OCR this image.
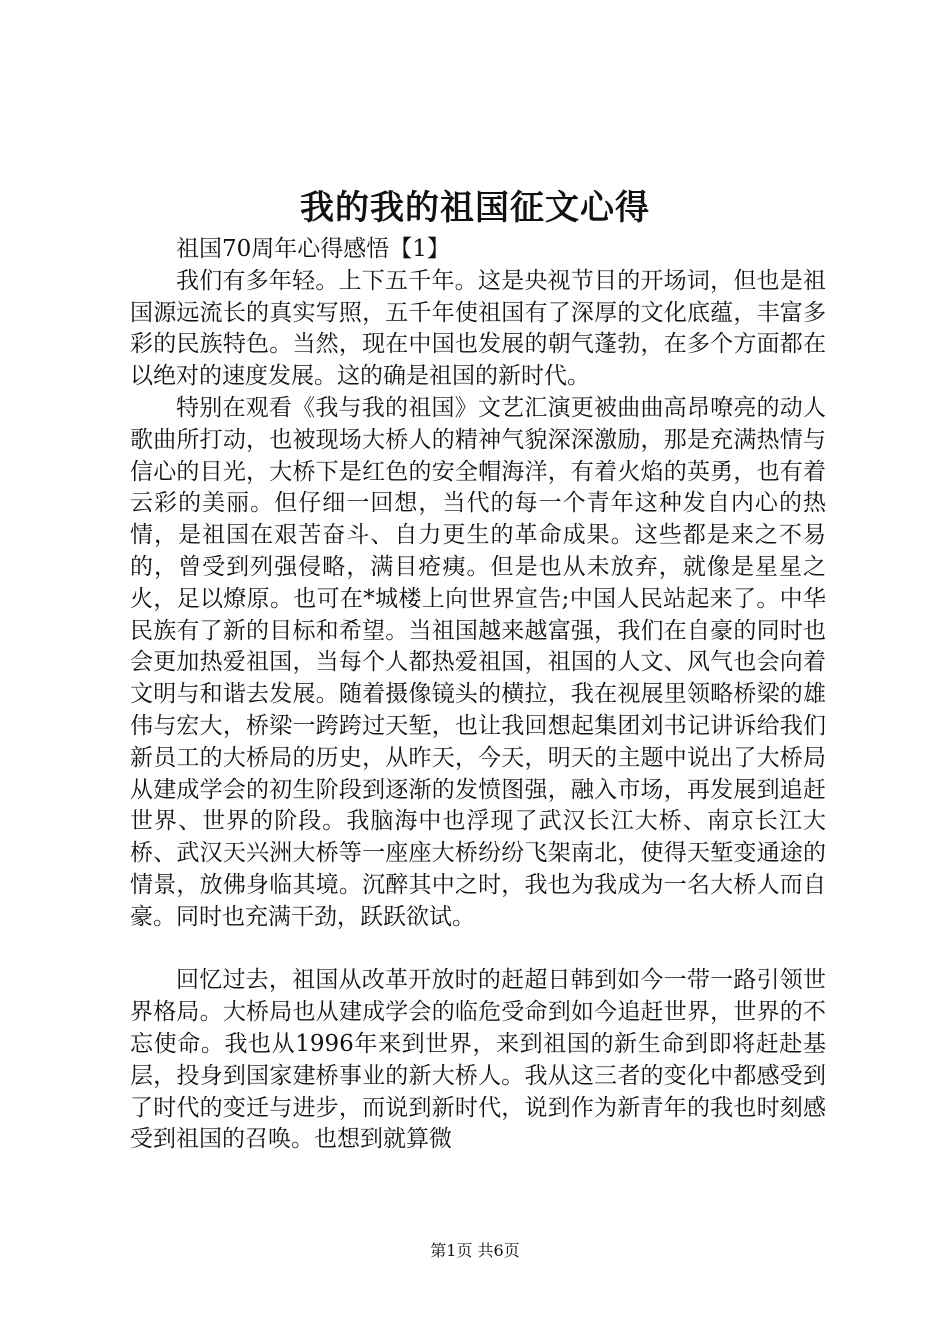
我的我的祖国征文心得

祖国70周年心得感悟【1】

我们有多年轻。上下五千年。这是央视节目的开场词，但也是祖国源远流长的真实写照，五千年使祖国有了深厚的文化底蕴，丰富多彩的民族特色。当然，现在中国也发展的朝气蓬勃，在多个方面都在以绝对的速度发展。这的确是祖国的新时代。

特别在观看《我与我的祖国》文艺汇演更被曲曲高昂嘹亮的动人歌曲所打动，也被现场大桥人的精神气貌深深激励，那是充满热情与信心的目光，大桥下是红色的安全帽海洋，有着火焰的英勇，也有着云彩的美丽。但仔细一回想，当代的每一个青年这种发自内心的热情，是祖国在艰苦奋斗、自力更生的革命成果。这些都是来之不易的，曾受到列强侵略，满目疮痍。但是也从未放弃，就像是星星之火，足以燎原。也可在*城楼上向世界宣告;中国人民站起来了。中华民族有了新的目标和希望。当祖国越来越富强，我们在自豪的同时也会更加热爱祖国，当每个人都热爱祖国，祖国的人文、风气也会向着文明与和谐去发展。随着摄像镜头的横拉，我在视展里领略桥梁的雄伟与宏大，桥梁一跨跨过天堑，也让我回想起集团刘书记讲诉给我们新员工的大桥局的历史，从昨天，今天，明天的主题中说出了大桥局从建成学会的初生阶段到逐渐的发愤图强，融入市场，再发展到追赶世界、世界的阶段。我脑海中也浮现了武汉长江大桥、南京长江大桥、武汉天兴洲大桥等一座座大桥纷纷飞架南北，使得天堑变通途的情景，放佛身临其境。沉醉其中之时，我也为我成为一名大桥人而自豪。同时也充满干劲，跃跃欲试。

回忆过去，祖国从改革开放时的赶超日韩到如今一带一路引领世界格局。大桥局也从建成学会的临危受命到如今追赶世界，世界的不忘使命。我也从1996年来到世界，来到祖国的新生命到即将赶赴基层，投身到国家建桥事业的新大桥人。我从这三者的变化中都感受到了时代的变迁与进步，而说到新时代，说到作为新青年的我也时刻感受到祖国的召唤。也想到就算微

第1页 共6页
